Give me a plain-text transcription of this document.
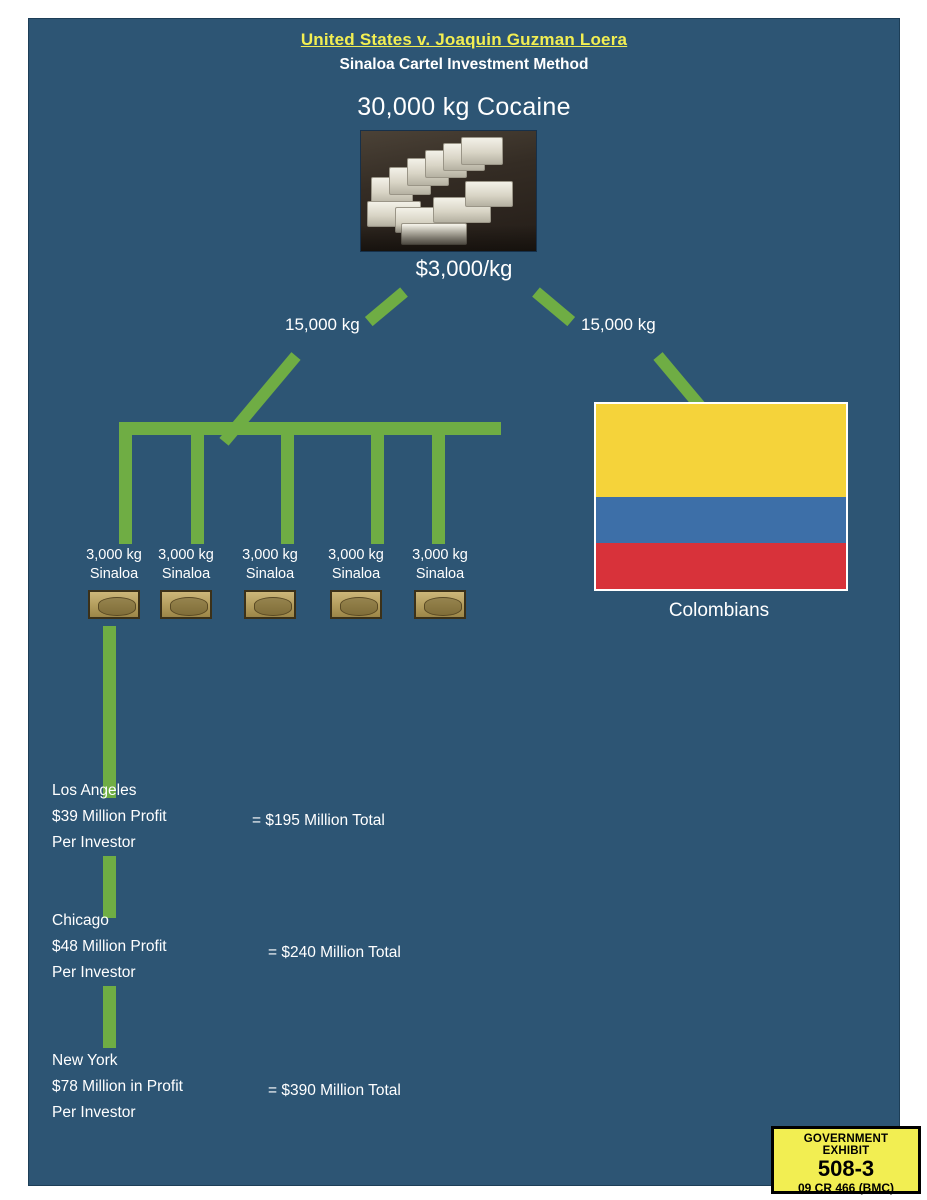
United States v. Joaquin Guzman Loera
Sinaloa Cartel Investment Method
30,000 kg Cocaine
$3,000/kg
15,000 kg	15,000 kg
Colombians
3,000 kg
Sinaloa
3,000 kg
Sinaloa
3,000 kg
Sinaloa
3,000 kg
Sinaloa
3,000 kg
Sinaloa
Los Angeles
$39 Million Profit
Per Investor
= $195 Million Total
Chicago
$48 Million Profit
Per Investor
= $240 Million Total
New York
$78 Million in Profit
Per Investor
= $390 Million Total
GOVERNMENT
EXHIBIT
508-3
09 CR 466 (BMC)
